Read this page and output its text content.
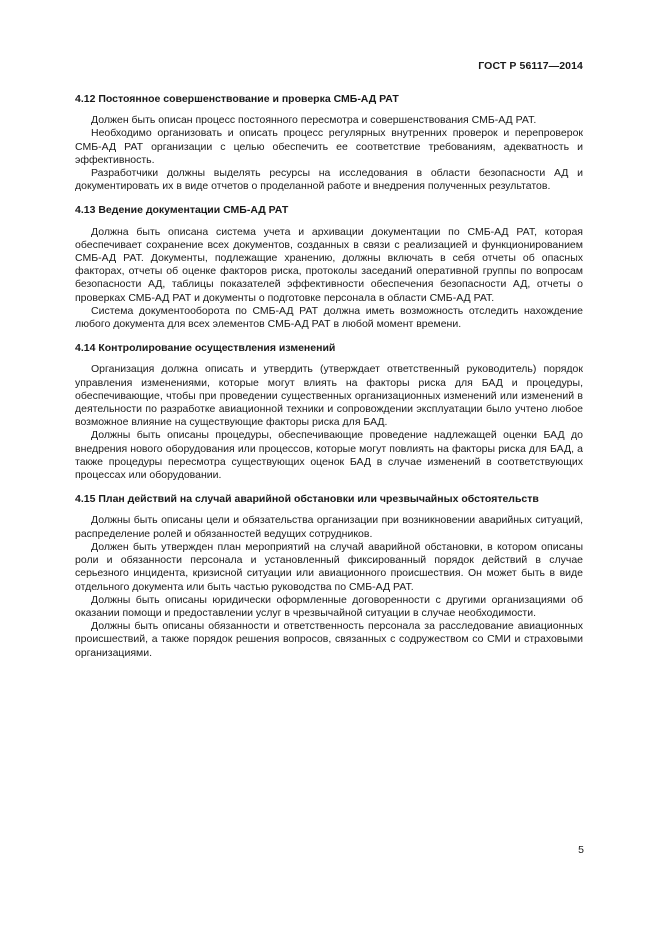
ГОСТ Р 56117—2014
4.12 Постоянное совершенствование и проверка СМБ-АД РАТ

Должен быть описан процесс постоянного пересмотра и совершенствования СМБ-АД РАТ.

Необходимо организовать и описать процесс регулярных внутренних проверок и перепроверок СМБ-АД РАТ организации с целью обеспечить ее соответствие требованиям, адекватность и эффективность.

Разработчики должны выделять ресурсы на исследования в области безопасности АД и документировать их в виде отчетов о проделанной работе и внедрения полученных результатов.

4.13 Ведение документации СМБ-АД РАТ

Должна быть описана система учета и архивации документации по СМБ-АД РАТ, которая обеспечивает сохранение всех документов, созданных в связи с реализацией и функционированием СМБ-АД РАТ. Документы, подлежащие хранению, должны включать в себя отчеты об опасных факторах, отчеты об оценке факторов риска, протоколы заседаний оперативной группы по вопросам безопасности АД, таблицы показателей эффективности обеспечения безопасности АД, отчеты о проверках СМБ-АД РАТ и документы о подготовке персонала в области СМБ-АД РАТ.

Система документооборота по СМБ-АД РАТ должна иметь возможность отследить нахождение любого документа для всех элементов СМБ-АД РАТ в любой момент времени.

4.14 Контролирование осуществления изменений

Организация должна описать и утвердить (утверждает ответственный руководитель) порядок управления изменениями, которые могут влиять на факторы риска для БАД и процедуры, обеспечивающие, чтобы при проведении существенных организационных изменений или изменений в деятельности по разработке авиационной техники и сопровождении эксплуатации было учтено любое возможное влияние на существующие факторы риска для БАД.

Должны быть описаны процедуры, обеспечивающие проведение надлежащей оценки БАД до внедрения нового оборудования или процессов, которые могут повлиять на факторы риска для БАД, а также процедуры пересмотра существующих оценок БАД в случае изменений в соответствующих процессах или оборудовании.

4.15 План действий на случай аварийной обстановки или чрезвычайных обстоятельств

Должны быть описаны цели и обязательства организации при возникновении аварийных ситуаций, распределение ролей и обязанностей ведущих сотрудников.

Должен быть утвержден план мероприятий на случай аварийной обстановки, в котором описаны роли и обязанности персонала и установленный фиксированный порядок действий в случае серьезного инцидента, кризисной ситуации или авиационного происшествия. Он может быть в виде отдельного документа или быть частью руководства по СМБ-АД РАТ.

Должны быть описаны юридически оформленные договоренности с другими организациями об оказании помощи и предоставлении услуг в чрезвычайной ситуации в случае необходимости.

Должны быть описаны обязанности и ответственность персонала за расследование авиационных происшествий, а также порядок решения вопросов, связанных с содружеством со СМИ и страховыми организациями.

5
